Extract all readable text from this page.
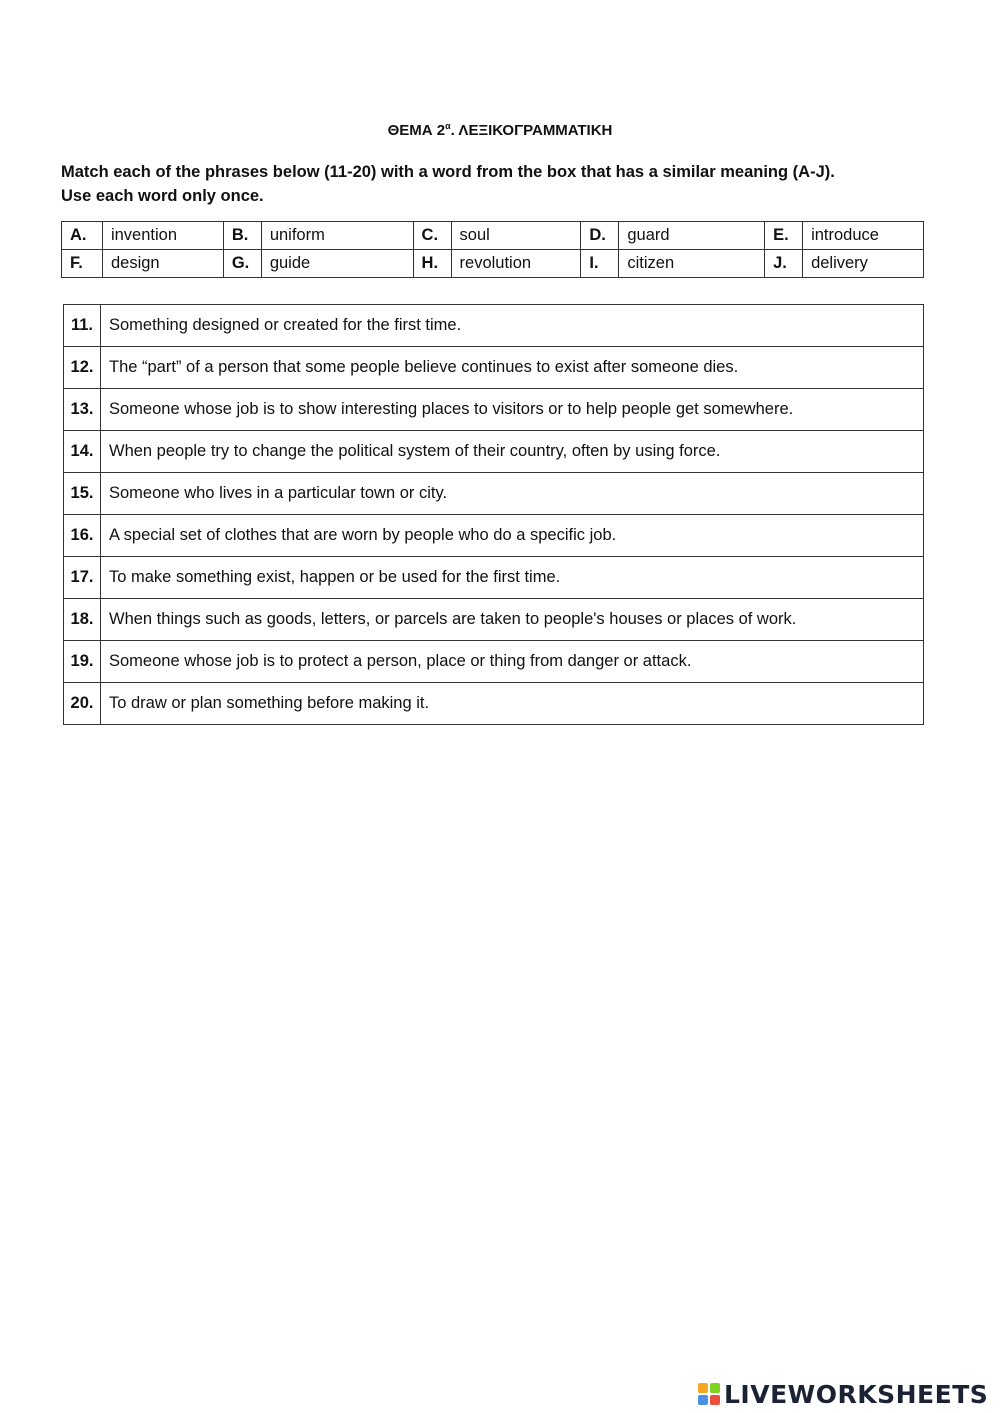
ΘΕΜΑ $2^\alpha$. ΛΕΞΙΚΟΓΡΑΜΜΑΤΙΚΗ
Match each of the phrases below (11-20) with a word from the box that has a similar meaning (A-J).
Use each word only once.
A.	invention	B.	uniform	C.	soul	D.	guard	E.	introduce
F.	design	G.	guide	H.	revolution	I.	citizen	J.	delivery
11.	Something designed or created for the first time.
12.	The “part” of a person that some people believe continues to exist after someone dies.
13.	Someone whose job is to show interesting places to visitors or to help people get somewhere.
14.	When people try to change the political system of their country, often by using force.
15.	Someone who lives in a particular town or city.
16.	A special set of clothes that are worn by people who do a specific job.
17.	To make something exist, happen or be used for the first time.
18.	When things such as goods, letters, or parcels are taken to people's houses or places of work.
19.	Someone whose job is to protect a person, place or thing from danger or attack.
20.	To draw or plan something before making it.
LIVEWORKSHEETS
